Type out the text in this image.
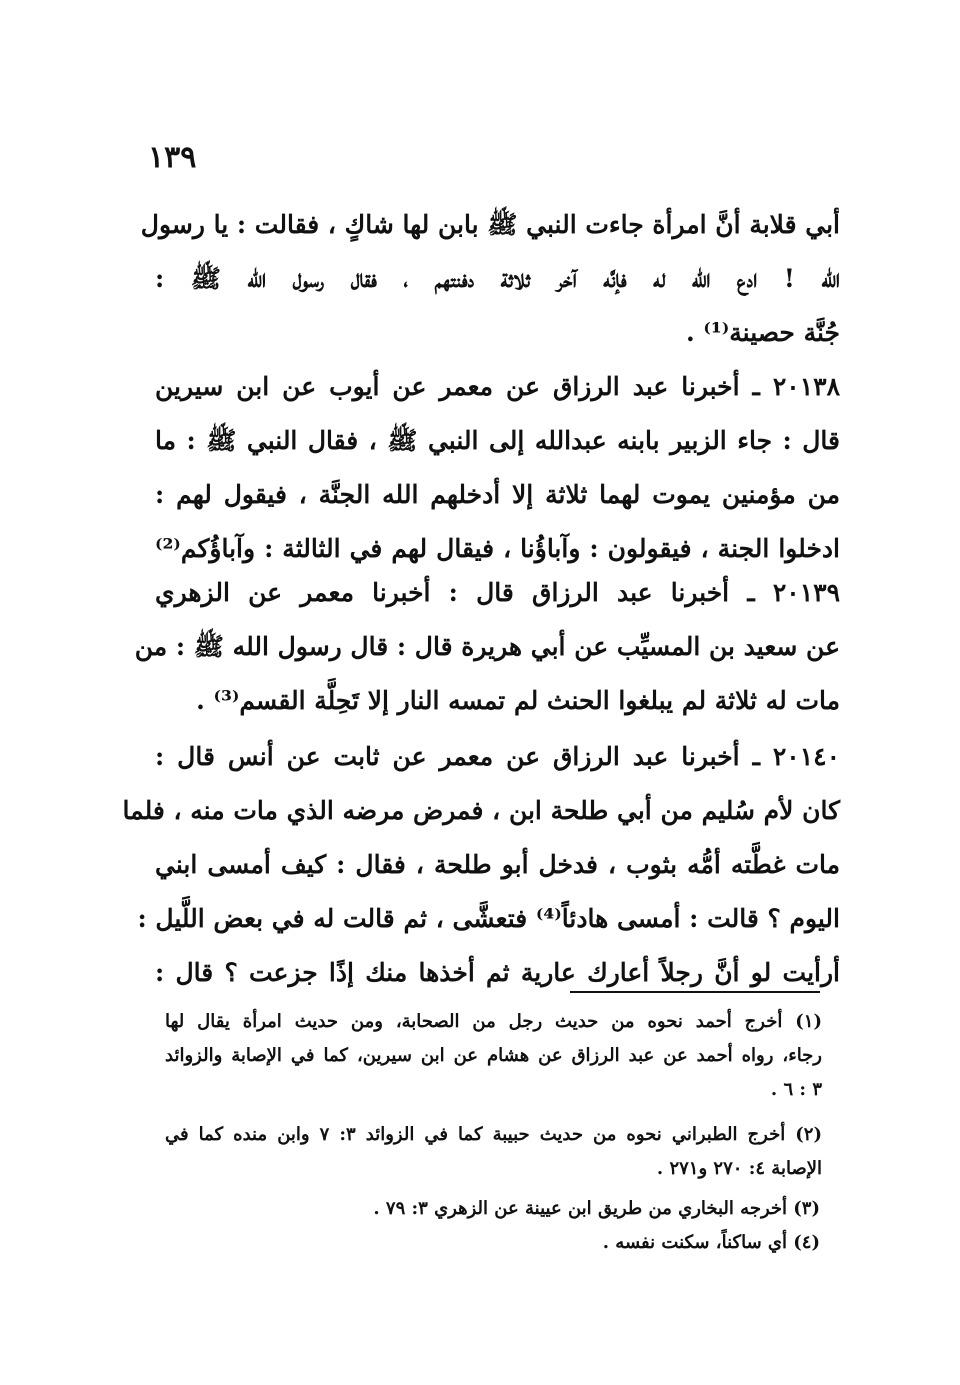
١٣٩
أبي قلابة أنَّ امرأة جاءت النبي ﷺ بابن لها شاكٍ ، فقالت : يا رسول
الله ! ادع الله له فإنَّه آخر ثلاثة دفنتهم ، فقال رسول الله ﷺ :
جُنَّة حصينة⁽¹⁾ .
٢٠١٣٨ ـ أخبرنا عبد الرزاق عن معمر عن أيوب عن ابن سيرين
قال : جاء الزبير بابنه عبدالله إلى النبي ﷺ ، فقال النبي ﷺ : ما
من مؤمنين يموت لهما ثلاثة إلا أدخلهم الله الجنَّة ، فيقول لهم :
ادخلوا الجنة ، فيقولون : وآباؤُنا ، فيقال لهم في الثالثة : وآباؤُكم⁽²⁾
٢٠١٣٩ ـ أخبرنا عبد الرزاق قال : أخبرنا معمر عن الزهري
عن سعيد بن المسيِّب عن أبي هريرة قال : قال رسول الله ﷺ : من
مات له ثلاثة لم يبلغوا الحنث لم تمسه النار إلا تَحِلَّة القسم⁽³⁾ .
٢٠١٤٠ ـ أخبرنا عبد الرزاق عن معمر عن ثابت عن أنس قال :
كان لأم سُليم من أبي طلحة ابن ، فمرض مرضه الذي مات منه ، فلما
مات غطَّته أمُّه بثوب ، فدخل أبو طلحة ، فقال : كيف أمسى ابني
اليوم ؟ قالت : أمسى هادئاً⁽⁴⁾ فتعشَّى ، ثم قالت له في بعض اللَّيل :
أرأيت لو أنَّ رجلاً أعارك عارية ثم أخذها منك إذًا جزعت ؟ قال :
(١) أخرج أحمد نحوه من حديث رجل من الصحابة، ومن حديث امرأة يقال لها
رجاء، رواه أحمد عن عبد الرزاق عن هشام عن ابن سيرين، كما في الإصابة والزوائد
٣ : ٦ .
(٢) أخرج الطبراني نحوه من حديث حبيبة كما في الزوائد ٣: ٧ وابن منده كما في
الإصابة ٤: ٢٧٠ و٢٧١ .
(٣) أخرجه البخاري من طريق ابن عيينة عن الزهري ٣: ٧٩ .
(٤) أي ساكناً، سكنت نفسه .
